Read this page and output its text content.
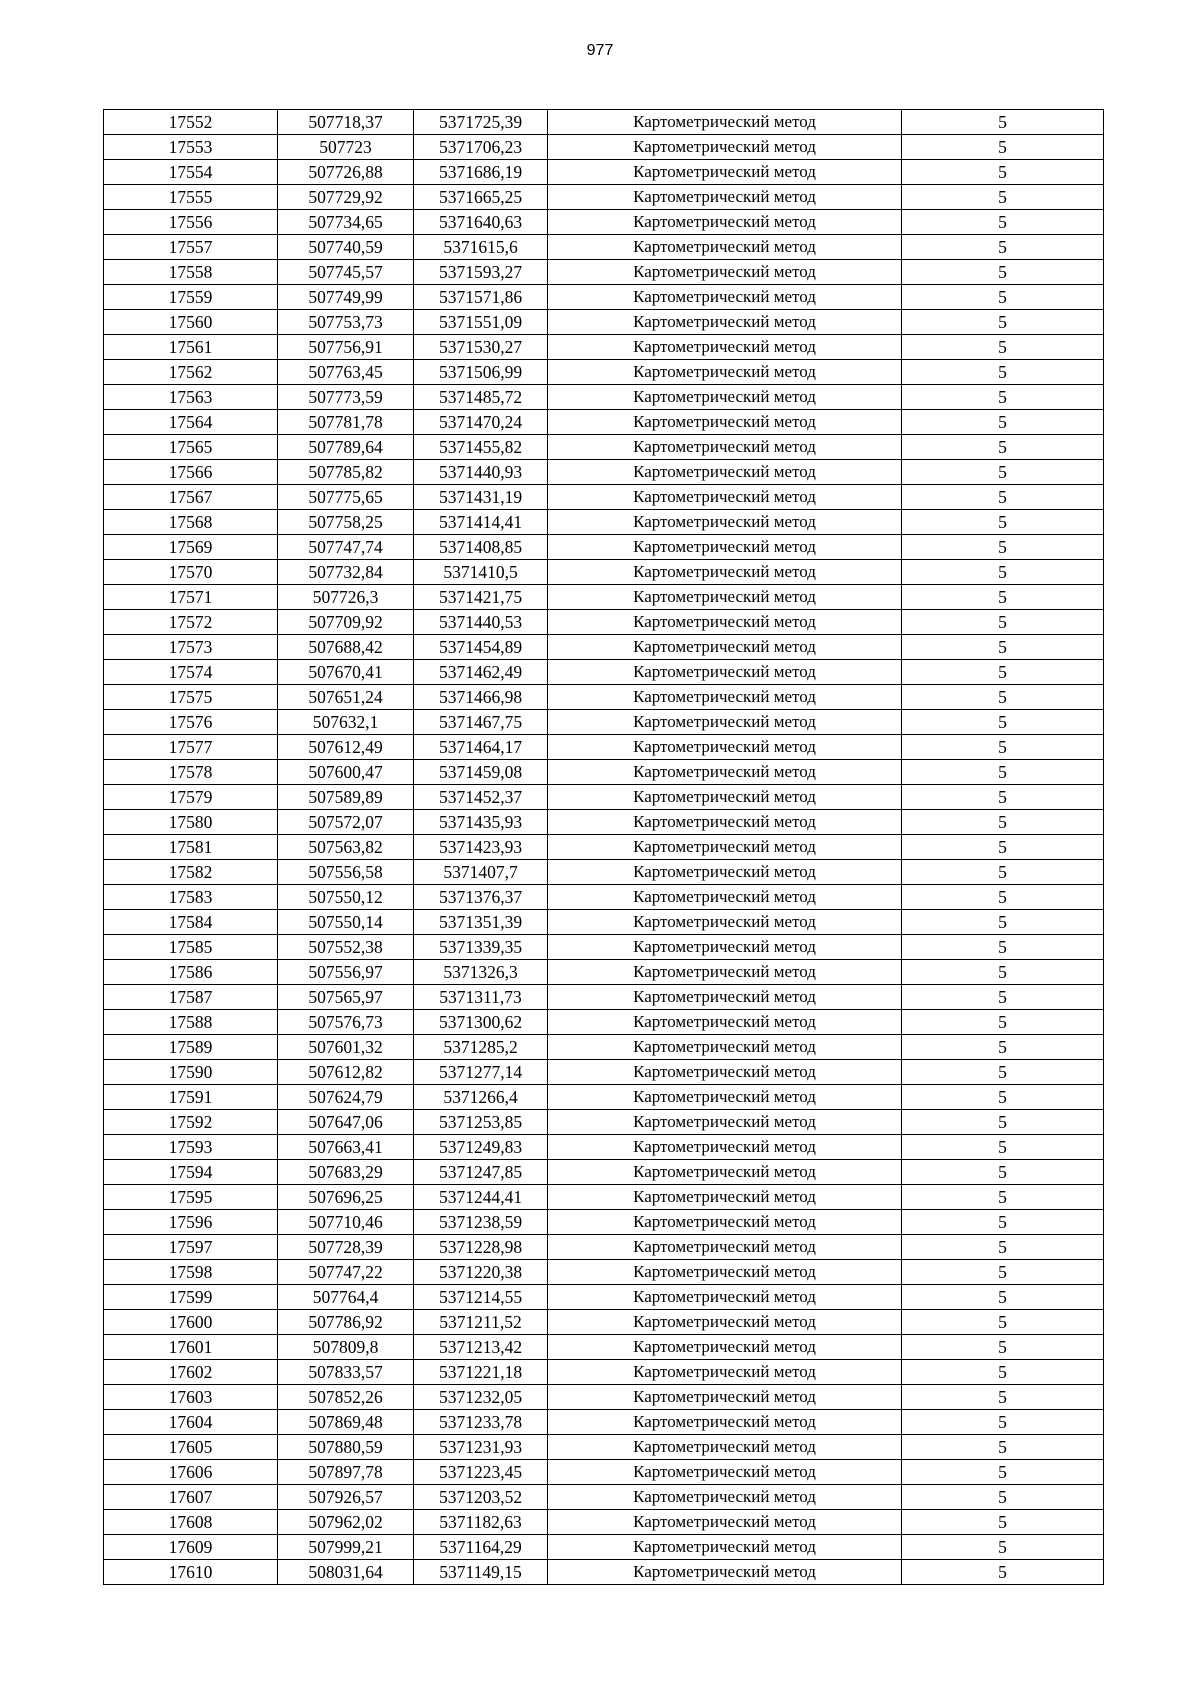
977
17552	507718,37	5371725,39	Картометрический метод	5
17553	507723	5371706,23	Картометрический метод	5
17554	507726,88	5371686,19	Картометрический метод	5
17555	507729,92	5371665,25	Картометрический метод	5
17556	507734,65	5371640,63	Картометрический метод	5
17557	507740,59	5371615,6	Картометрический метод	5
17558	507745,57	5371593,27	Картометрический метод	5
17559	507749,99	5371571,86	Картометрический метод	5
17560	507753,73	5371551,09	Картометрический метод	5
17561	507756,91	5371530,27	Картометрический метод	5
17562	507763,45	5371506,99	Картометрический метод	5
17563	507773,59	5371485,72	Картометрический метод	5
17564	507781,78	5371470,24	Картометрический метод	5
17565	507789,64	5371455,82	Картометрический метод	5
17566	507785,82	5371440,93	Картометрический метод	5
17567	507775,65	5371431,19	Картометрический метод	5
17568	507758,25	5371414,41	Картометрический метод	5
17569	507747,74	5371408,85	Картометрический метод	5
17570	507732,84	5371410,5	Картометрический метод	5
17571	507726,3	5371421,75	Картометрический метод	5
17572	507709,92	5371440,53	Картометрический метод	5
17573	507688,42	5371454,89	Картометрический метод	5
17574	507670,41	5371462,49	Картометрический метод	5
17575	507651,24	5371466,98	Картометрический метод	5
17576	507632,1	5371467,75	Картометрический метод	5
17577	507612,49	5371464,17	Картометрический метод	5
17578	507600,47	5371459,08	Картометрический метод	5
17579	507589,89	5371452,37	Картометрический метод	5
17580	507572,07	5371435,93	Картометрический метод	5
17581	507563,82	5371423,93	Картометрический метод	5
17582	507556,58	5371407,7	Картометрический метод	5
17583	507550,12	5371376,37	Картометрический метод	5
17584	507550,14	5371351,39	Картометрический метод	5
17585	507552,38	5371339,35	Картометрический метод	5
17586	507556,97	5371326,3	Картометрический метод	5
17587	507565,97	5371311,73	Картометрический метод	5
17588	507576,73	5371300,62	Картометрический метод	5
17589	507601,32	5371285,2	Картометрический метод	5
17590	507612,82	5371277,14	Картометрический метод	5
17591	507624,79	5371266,4	Картометрический метод	5
17592	507647,06	5371253,85	Картометрический метод	5
17593	507663,41	5371249,83	Картометрический метод	5
17594	507683,29	5371247,85	Картометрический метод	5
17595	507696,25	5371244,41	Картометрический метод	5
17596	507710,46	5371238,59	Картометрический метод	5
17597	507728,39	5371228,98	Картометрический метод	5
17598	507747,22	5371220,38	Картометрический метод	5
17599	507764,4	5371214,55	Картометрический метод	5
17600	507786,92	5371211,52	Картометрический метод	5
17601	507809,8	5371213,42	Картометрический метод	5
17602	507833,57	5371221,18	Картометрический метод	5
17603	507852,26	5371232,05	Картометрический метод	5
17604	507869,48	5371233,78	Картометрический метод	5
17605	507880,59	5371231,93	Картометрический метод	5
17606	507897,78	5371223,45	Картометрический метод	5
17607	507926,57	5371203,52	Картометрический метод	5
17608	507962,02	5371182,63	Картометрический метод	5
17609	507999,21	5371164,29	Картометрический метод	5
17610	508031,64	5371149,15	Картометрический метод	5
